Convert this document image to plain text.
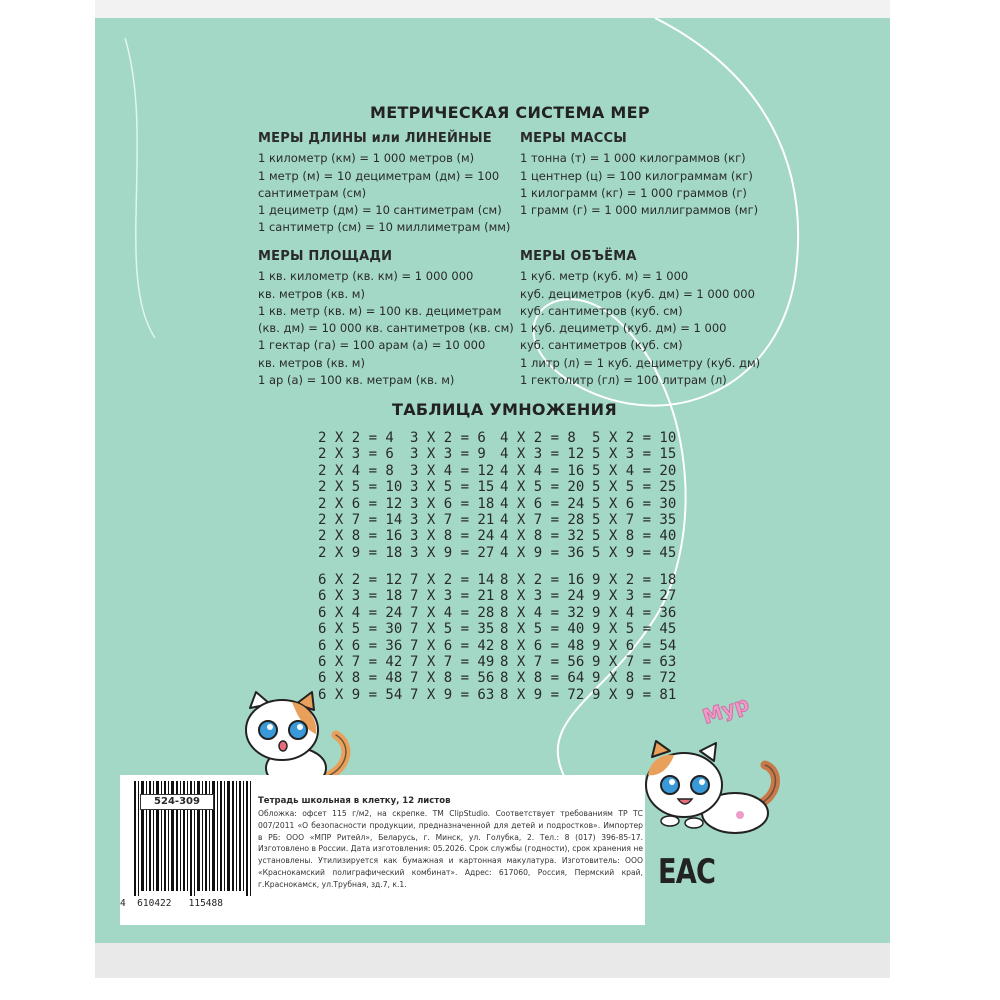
МЕТРИЧЕСКАЯ СИСТЕМА МЕР
МЕРЫ ДЛИНЫ или ЛИНЕЙНЫЕ
1 километр (км) = 1 000 метров (м)
1 метр (м) = 10 дециметрам (дм) = 100
сантиметрам (см)
1 дециметр (дм) = 10 сантиметрам (см)
1 сантиметр (см) = 10 миллиметрам (мм)
МЕРЫ МАССЫ
1 тонна (т) = 1 000 килограммов (кг)
1 центнер (ц) = 100 килограммам (кг)
1 килограмм (кг) = 1 000 граммов (г)
1 грамм (г) = 1 000 миллиграммов (мг)
МЕРЫ ПЛОЩАДИ
1 кв. километр (кв. км) = 1 000 000
кв. метров (кв. м)
1 кв. метр (кв. м) = 100 кв. дециметрам
(кв. дм) = 10 000 кв. сантиметров (кв. см)
1 гектар (га) = 100 арам (а) = 10 000
кв. метров (кв. м)
1 ар (а) = 100 кв. метрам (кв. м)
МЕРЫ ОБЪЁМА
1 куб. метр (куб. м) = 1 000
куб. дециметров (куб. дм) = 1 000 000
куб. сантиметров (куб. см)
1 куб. дециметр (куб. дм) = 1 000
куб. сантиметров (куб. см)
1 литр (л) = 1 куб. дециметру (куб. дм)
1 гектолитр (гл) = 100 литрам (л)
ТАБЛИЦА УМНОЖЕНИЯ
2 Х 2 = 4
2 Х 3 = 6
2 Х 4 = 8
2 Х 5 = 10
2 Х 6 = 12
2 Х 7 = 14
2 Х 8 = 16
2 Х 9 = 18
3 Х 2 = 6
3 Х 3 = 9
3 Х 4 = 12
3 Х 5 = 15
3 Х 6 = 18
3 Х 7 = 21
3 Х 8 = 24
3 Х 9 = 27
4 Х 2 = 8
4 Х 3 = 12
4 Х 4 = 16
4 Х 5 = 20
4 Х 6 = 24
4 Х 7 = 28
4 Х 8 = 32
4 Х 9 = 36
5 Х 2 = 10
5 Х 3 = 15
5 Х 4 = 20
5 Х 5 = 25
5 Х 6 = 30
5 Х 7 = 35
5 Х 8 = 40
5 Х 9 = 45
6 Х 2 = 12
6 Х 3 = 18
6 Х 4 = 24
6 Х 5 = 30
6 Х 6 = 36
6 Х 7 = 42
6 Х 8 = 48
6 Х 9 = 54
7 Х 2 = 14
7 Х 3 = 21
7 Х 4 = 28
7 Х 5 = 35
7 Х 6 = 42
7 Х 7 = 49
7 Х 8 = 56
7 Х 9 = 63
8 Х 2 = 16
8 Х 3 = 24
8 Х 4 = 32
8 Х 5 = 40
8 Х 6 = 48
8 Х 7 = 56
8 Х 8 = 64
8 Х 9 = 72
9 Х 2 = 18
9 Х 3 = 27
9 Х 4 = 36
9 Х 5 = 45
9 Х 6 = 54
9 Х 7 = 63
9 Х 8 = 72
9 Х 9 = 81 Мур
524-309
4  610422   115488
Тетрадь школьная в клетку, 12 листов
Обложка: офсет 115 г/м2, на скрепке. ТМ ClipStudio. Соответствует требованиям ТР ТС 007/2011 «О безопасности продукции, предназначенной для детей и подростков». Импортер в РБ: ООО «МПР Ритейл», Беларусь, г. Минск, ул. Голубка, 2. Тел.: 8 (017) 396-85-17. Изготовлено в России. Дата изготовления: 05.2026. Срок службы (годности), срок хранения не установлены. Утилизируется как бумажная и картонная макулатура. Изготовитель: ООО «Краснокамский полиграфический комбинат». Адрес: 617060, Россия, Пермский край, г.Краснокамск, ул.Трубная, зд.7, к.1.	ЕАС
